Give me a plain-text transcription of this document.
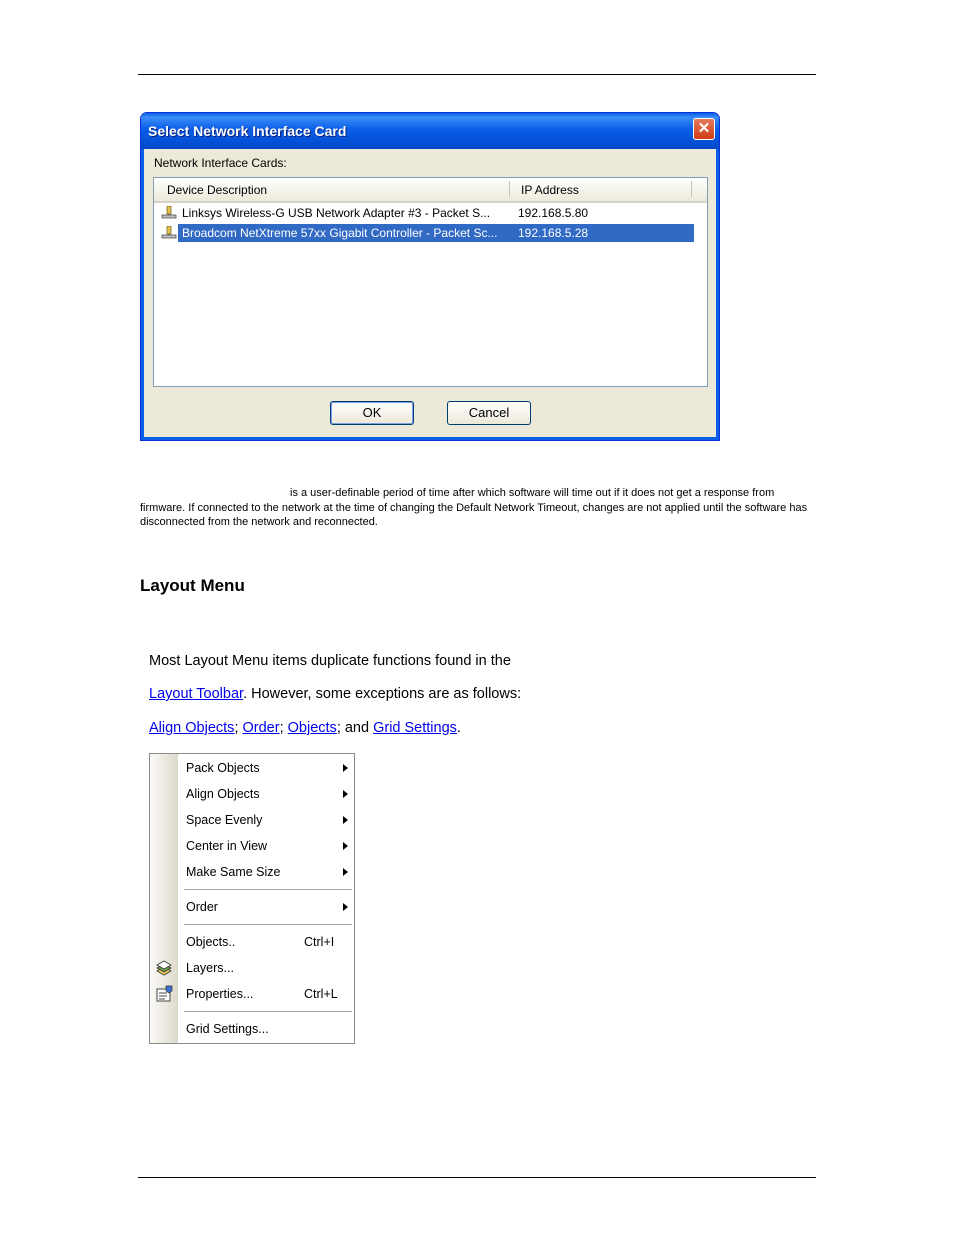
Select Network Interface Card	✕
Network Interface Cards:
Device Description	IP Address
Linksys Wireless-G USB Network Adapter #3 - Packet S... 192.168.5.80
Broadcom NetXtreme 57xx Gigabit Controller - Packet Sc... 192.168.5.28
OK	Cancel
is a user-definable period of time after which software will time out if it does not get a response from firmware. If connected to the network at the time of changing the Default Network Timeout, changes are not applied until the software has disconnected from the network and reconnected.
Layout Menu
Most Layout Menu items duplicate functions found in the
Layout Toolbar. However, some exceptions are as follows:
Align Objects; Order; Objects; and Grid Settings.
Pack Objects
Align Objects
Space Evenly
Center in View
Make Same Size
Order
Objects..	Ctrl+I
Layers...
Properties...	Ctrl+L
Grid Settings...
